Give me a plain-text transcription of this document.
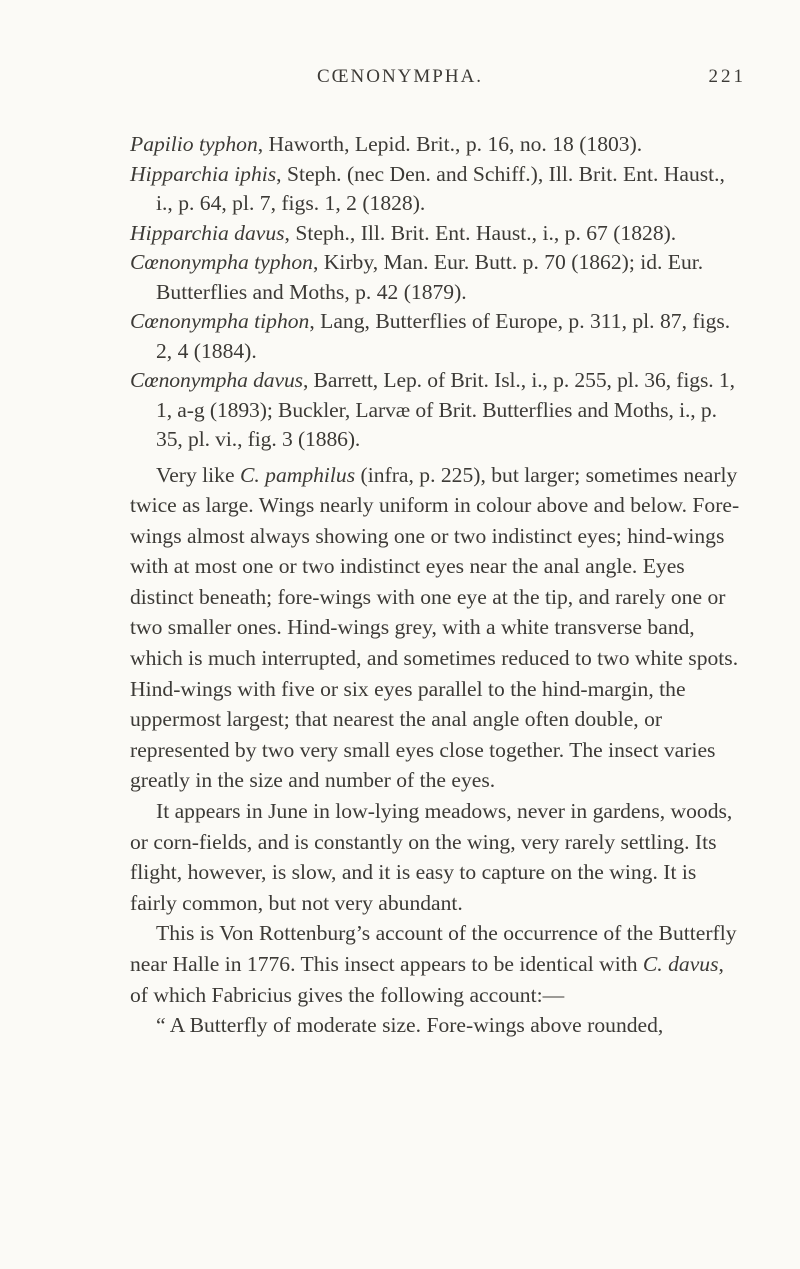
CŒNONYMPHA.	221
Papilio typhon, Haworth, Lepid. Brit., p. 16, no. 18 (1803).
Hipparchia iphis, Steph. (nec Den. and Schiff.), Ill. Brit. Ent. Haust., i., p. 64, pl. 7, figs. 1, 2 (1828).
Hipparchia davus, Steph., Ill. Brit. Ent. Haust., i., p. 67 (1828).
Cœnonympha typhon, Kirby, Man. Eur. Butt. p. 70 (1862); id. Eur. Butterflies and Moths, p. 42 (1879).
Cœnonympha tiphon, Lang, Butterflies of Europe, p. 311, pl. 87, figs. 2, 4 (1884).
Cœnonympha davus, Barrett, Lep. of Brit. Isl., i., p. 255, pl. 36, figs. 1, 1, a-g (1893); Buckler, Larvæ of Brit. Butterflies and Moths, i., p. 35, pl. vi., fig. 3 (1886).

Very like C. pamphilus (infra, p. 225), but larger; sometimes nearly twice as large. Wings nearly uniform in colour above and below. Fore-wings almost always showing one or two indistinct eyes; hind-wings with at most one or two indistinct eyes near the anal angle. Eyes distinct beneath; fore-wings with one eye at the tip, and rarely one or two smaller ones. Hind-wings grey, with a white transverse band, which is much interrupted, and sometimes reduced to two white spots. Hind-wings with five or six eyes parallel to the hind-margin, the uppermost largest; that nearest the anal angle often double, or represented by two very small eyes close together. The insect varies greatly in the size and number of the eyes.

It appears in June in low-lying meadows, never in gardens, woods, or corn-fields, and is constantly on the wing, very rarely settling. Its flight, however, is slow, and it is easy to capture on the wing. It is fairly common, but not very abundant.

This is Von Rottenburg’s account of the occurrence of the Butterfly near Halle in 1776. This insect appears to be identical with C. davus, of which Fabricius gives the following account:—

“ A Butterfly of moderate size. Fore-wings above rounded,
